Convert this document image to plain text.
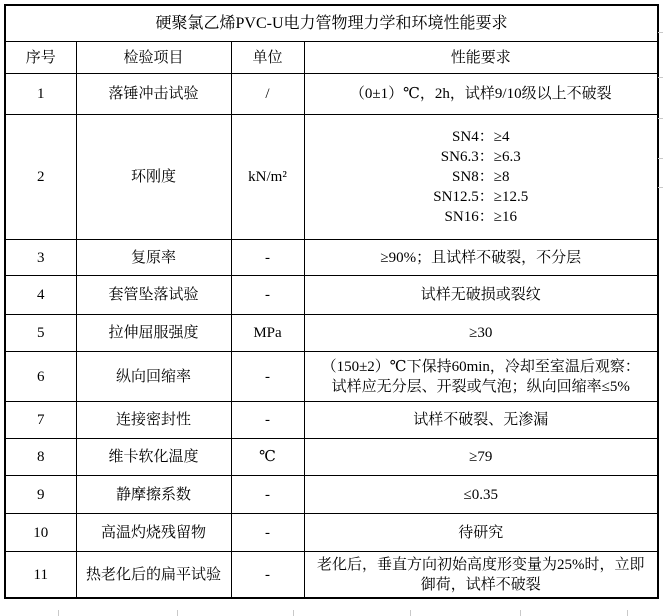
硬聚氯乙烯PVC-U电力管物理力学和环境性能要求			
序号	检验项目	单位	性能要求
1	落锤冲击试验	/	（0±1）℃，2h，试样9/10级以上不破裂

2	环刚度	kN/m²	SN4：≥4
SN6.3：≥6.3
SN8：≥8
SN12.5：≥12.5
SN16：≥16

3	复原率	-	≥90%；且试样不破裂，不分层

4	套管坠落试验	-	试样无破损或裂纹

5	拉伸屈服强度	MPa	≥30

6	纵向回缩率	-	（150±2）℃下保持60min，冷却至室温后观察：
试样应无分层、开裂或气泡；纵向回缩率≤5%

7	连接密封性	-	试样不破裂、无渗漏

8	维卡软化温度	℃	≥79

9	静摩擦系数	-	≤0.35

10	高温灼烧残留物	-	待研究

11	热老化后的扁平试验	-	老化后，垂直方向初始高度形变量为25%时，立即
御荷，试样不破裂
